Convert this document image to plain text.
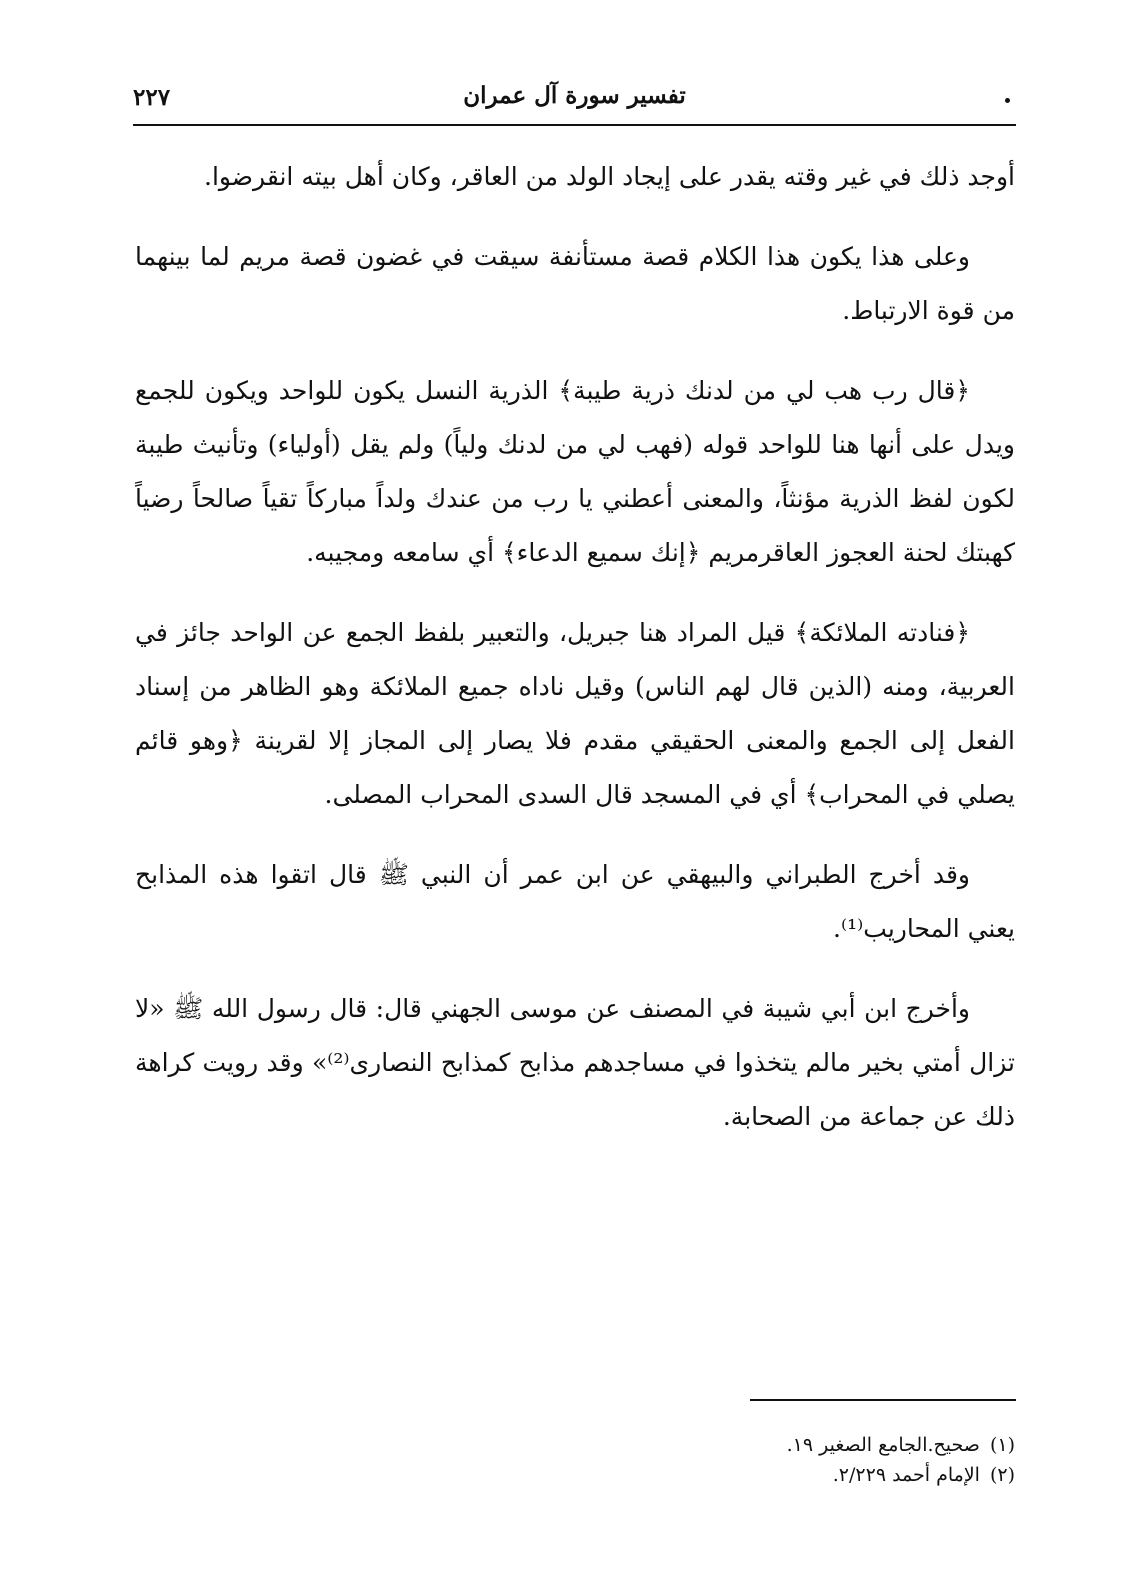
٢٢٧	تفسير سورة آل عمران

أوجد ذلك في غير وقته يقدر على إيجاد الولد من العاقر، وكان أهل بيته انقرضوا.

وعلى هذا يكون هذا الكلام قصة مستأنفة سيقت في غضون قصة مريم لما بينهما من قوة الارتباط.

﴿قال رب هب لي من لدنك ذرية طيبة﴾ الذرية النسل يكون للواحد ويكون للجمع ويدل على أنها هنا للواحد قوله (فهب لي من لدنك ولياً) ولم يقل (أولياء) وتأنيث طيبة لكون لفظ الذرية مؤنثاً، والمعنى أعطني يا رب من عندك ولداً مباركاً تقياً صالحاً رضياً كهبتك لحنة العجوز العاقرمريم ﴿إنك سميع الدعاء﴾ أي سامعه ومجيبه.

﴿فنادته الملائكة﴾ قيل المراد هنا جبريل، والتعبير بلفظ الجمع عن الواحد جائز في العربية، ومنه (الذين قال لهم الناس) وقيل ناداه جميع الملائكة وهو الظاهر من إسناد الفعل إلى الجمع والمعنى الحقيقي مقدم فلا يصار إلى المجاز إلا لقرينة ﴿وهو قائم يصلي في المحراب﴾ أي في المسجد قال السدى المحراب المصلى.

وقد أخرج الطبراني والبيهقي عن ابن عمر أن النبي ﷺ قال اتقوا هذه المذابح يعني المحاريب⁽¹⁾.

وأخرج ابن أبي شيبة في المصنف عن موسى الجهني قال: قال رسول الله ﷺ «لا تزال أمتي بخير مالم يتخذوا في مساجدهم مذابح كمذابح النصارى⁽²⁾» وقد رويت كراهة ذلك عن جماعة من الصحابة.

(١)صحيح.الجامع الصغير ١٩.

(٢)الإمام أحمد ٢/٢٢٩.
